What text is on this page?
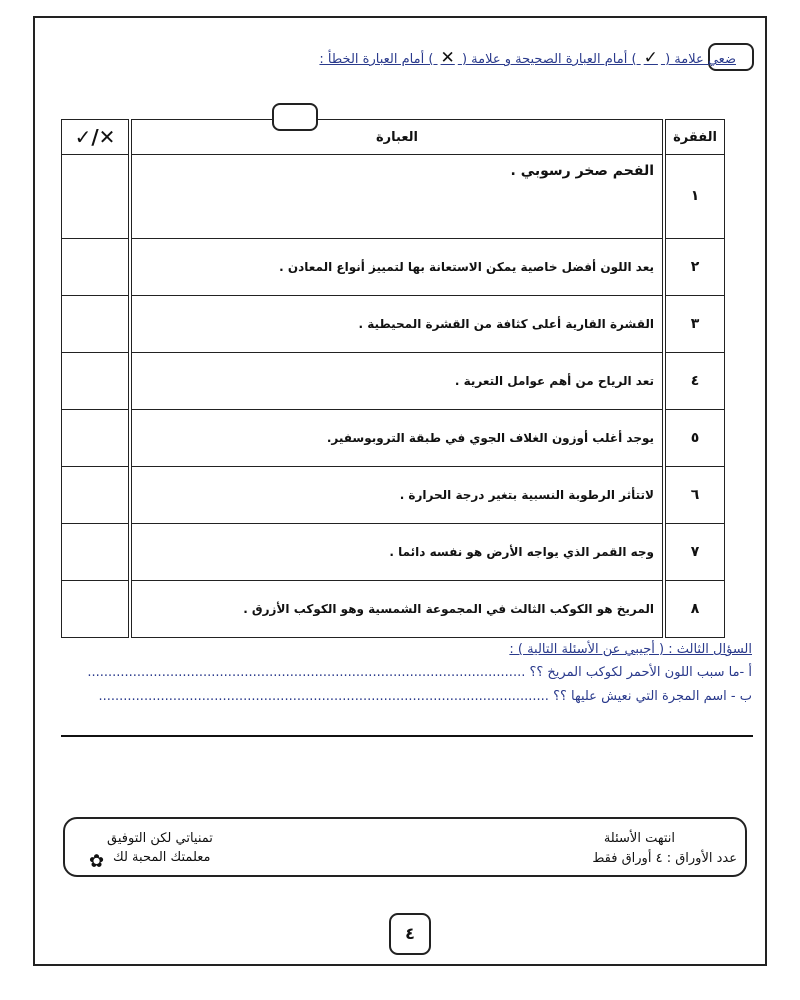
ضعي علامة ( ✓ ) أمام العبارة الصحيحة و علامة ( ✕ ) أمام العبارة الخطأ :
الفقرة	العبارة	✕/✓
١	الفحم صخر رسوبي .	
٢	يعد اللون أفضل خاصية يمكن الاستعانة بها لتمييز أنواع المعادن .	
٣	القشرة القارية أعلى كثافة من القشرة المحيطية .	
٤	تعد الرياح من أهم عوامل التعرية .	
٥	يوجد أغلب أوزون الغلاف الجوي في طبقة التروبوسفير.	
٦	لاتتأثر الرطوبة النسبية بتغير درجة الحرارة .	
٧	وجه القمر الذي يواجه الأرض هو نفسه دائما .	
٨	المريخ هو الكوكب الثالث في المجموعة الشمسية وهو الكوكب الأزرق .	
السؤال الثالث : ( أجيبي عن الأسئلة التالية ) :
أ -ما سبب اللون الأحمر لكوكب المريخ ؟؟ ..........................................................................................................
ب - اسم المجرة التي نعيش عليها ؟؟ .............................................................................................................
انتهت الأسئلة
عدد الأوراق : ٤ أوراق فقط
تمنياتي لكن التوفيق
معلمتك المحبة لك
✿
٤
